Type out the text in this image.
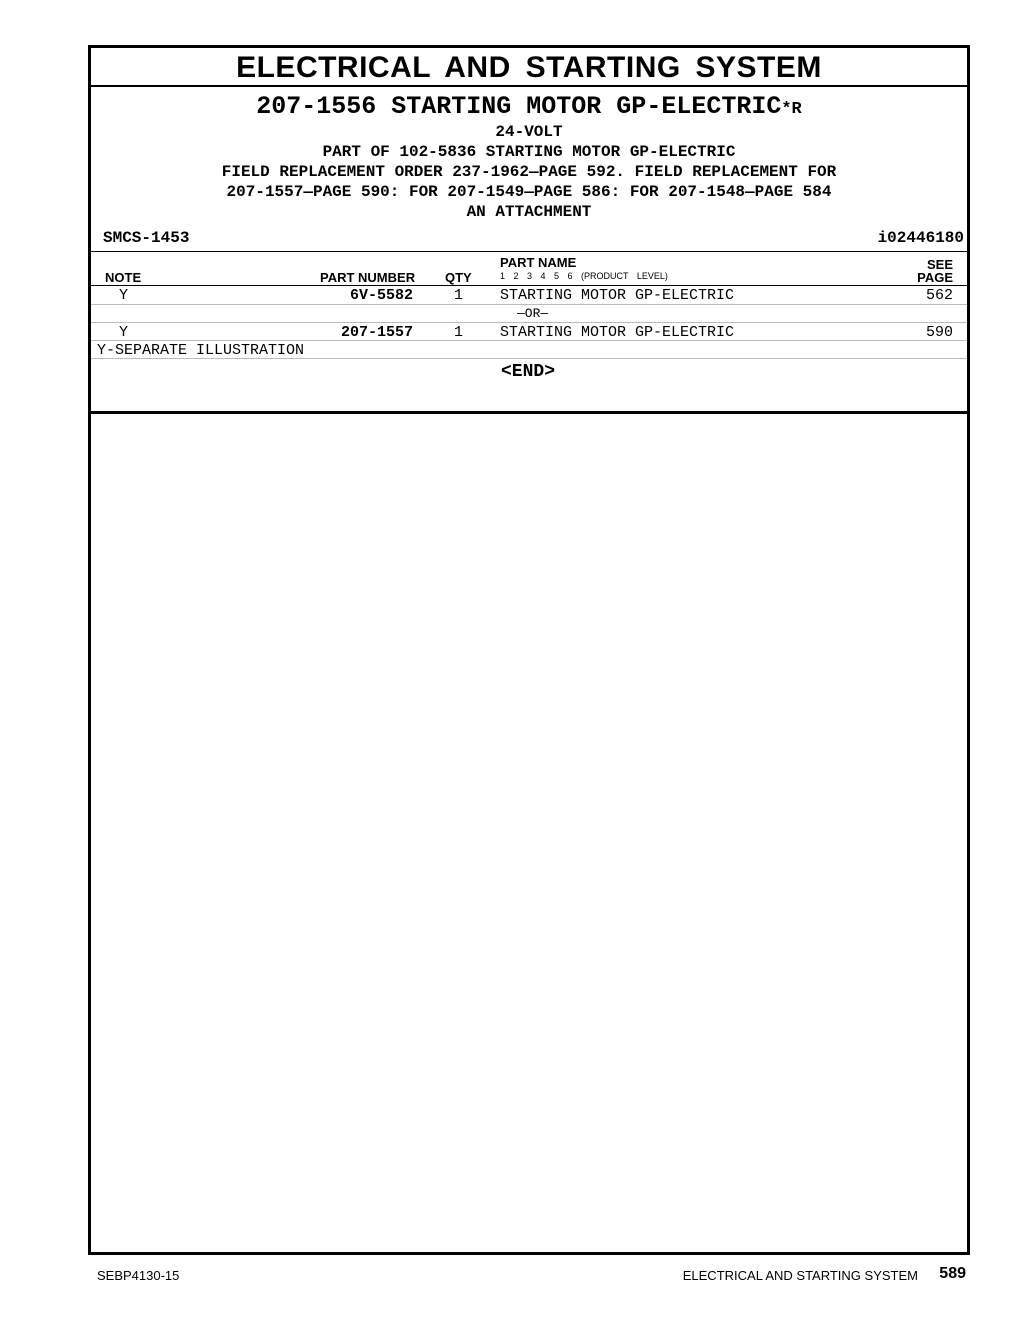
ELECTRICAL AND STARTING SYSTEM
207-1556 STARTING MOTOR GP-ELECTRIC*R
24-VOLT
PART OF 102-5836 STARTING MOTOR GP-ELECTRIC
FIELD REPLACEMENT ORDER 237-1962—PAGE 592. FIELD REPLACEMENT FOR
207-1557—PAGE 590: FOR 207-1549—PAGE 586: FOR 207-1548—PAGE 584
AN ATTACHMENT
SMCS-1453	i02446180
NOTE	PART NUMBER QTY
PART NAME
1 2 3 4 5 6 (PRODUCT LEVEL)
SEE
PAGE
Y	6V-5582	1 STARTING MOTOR GP-ELECTRIC	562
—OR—
Y	207-1557	1 STARTING MOTOR GP-ELECTRIC	590
Y-SEPARATE ILLUSTRATION
<END>
SEBP4130-15	ELECTRICAL AND STARTING SYSTEM 589
